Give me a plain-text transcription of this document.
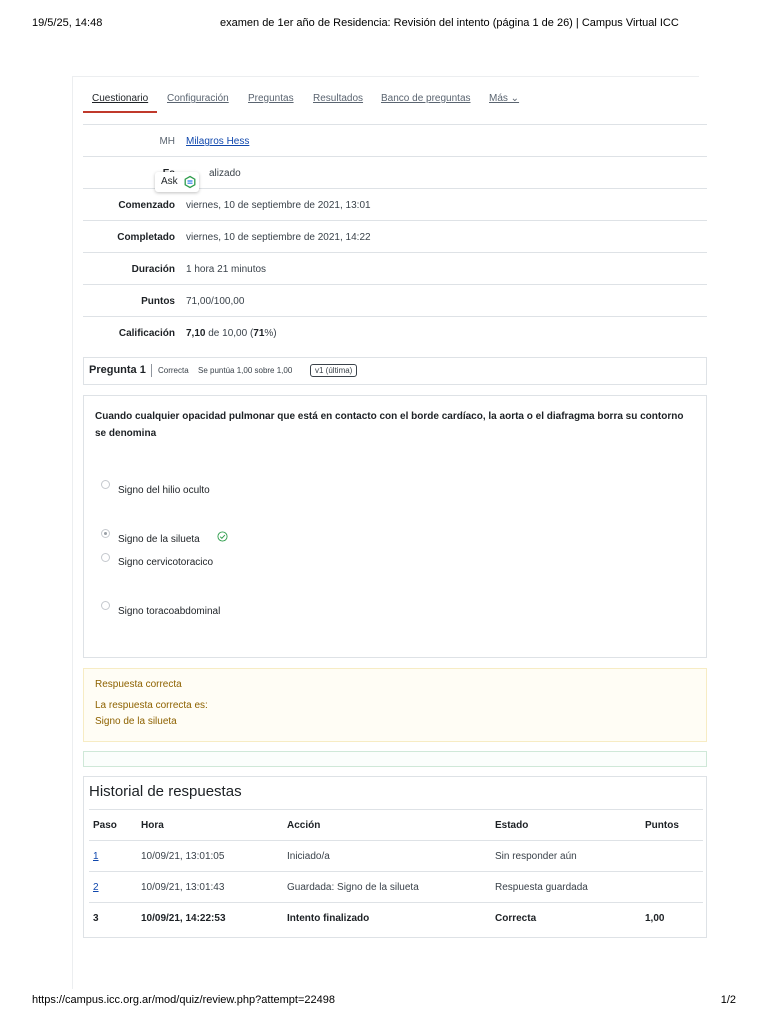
19/5/25, 14:48	examen de 1er año de Residencia: Revisión del intento (página 1 de 26) | Campus Virtual ICC
Cuestionario Configuración Preguntas Resultados Banco de preguntas Más ⌄
MH Milagros Hess
alizado
Comenzado viernes, 10 de septiembre de 2021, 13:01
Completado viernes, 10 de septiembre de 2021, 14:22
Duración 1 hora 21 minutos
Puntos 71,00/100,00
Calificación 7,10 de 10,00 (71%)
Ask
Pregunta 1 Correcta Se puntúa 1,00 sobre 1,00	v1 (última)
Cuando cualquier opacidad pulmonar que está en contacto con el borde cardíaco, la aorta o el diafragma borra su contorno se denomina
Signo del hilio oculto
Signo de la silueta
Signo cervicotoracico
Signo toracoabdominal
Respuesta correcta
La respuesta correcta es:
Signo de la silueta
Historial de respuestas
Paso Hora	Acción	Estado	Puntos
1	10/09/21, 13:01:05	Iniciado/a	Sin responder aún
2	10/09/21, 13:01:43	Guardada: Signo de la silueta	Respuesta guardada
3	10/09/21, 14:22:53	Intento finalizado	Correcta	1,00
https://campus.icc.org.ar/mod/quiz/review.php?attempt=22498	1/2
